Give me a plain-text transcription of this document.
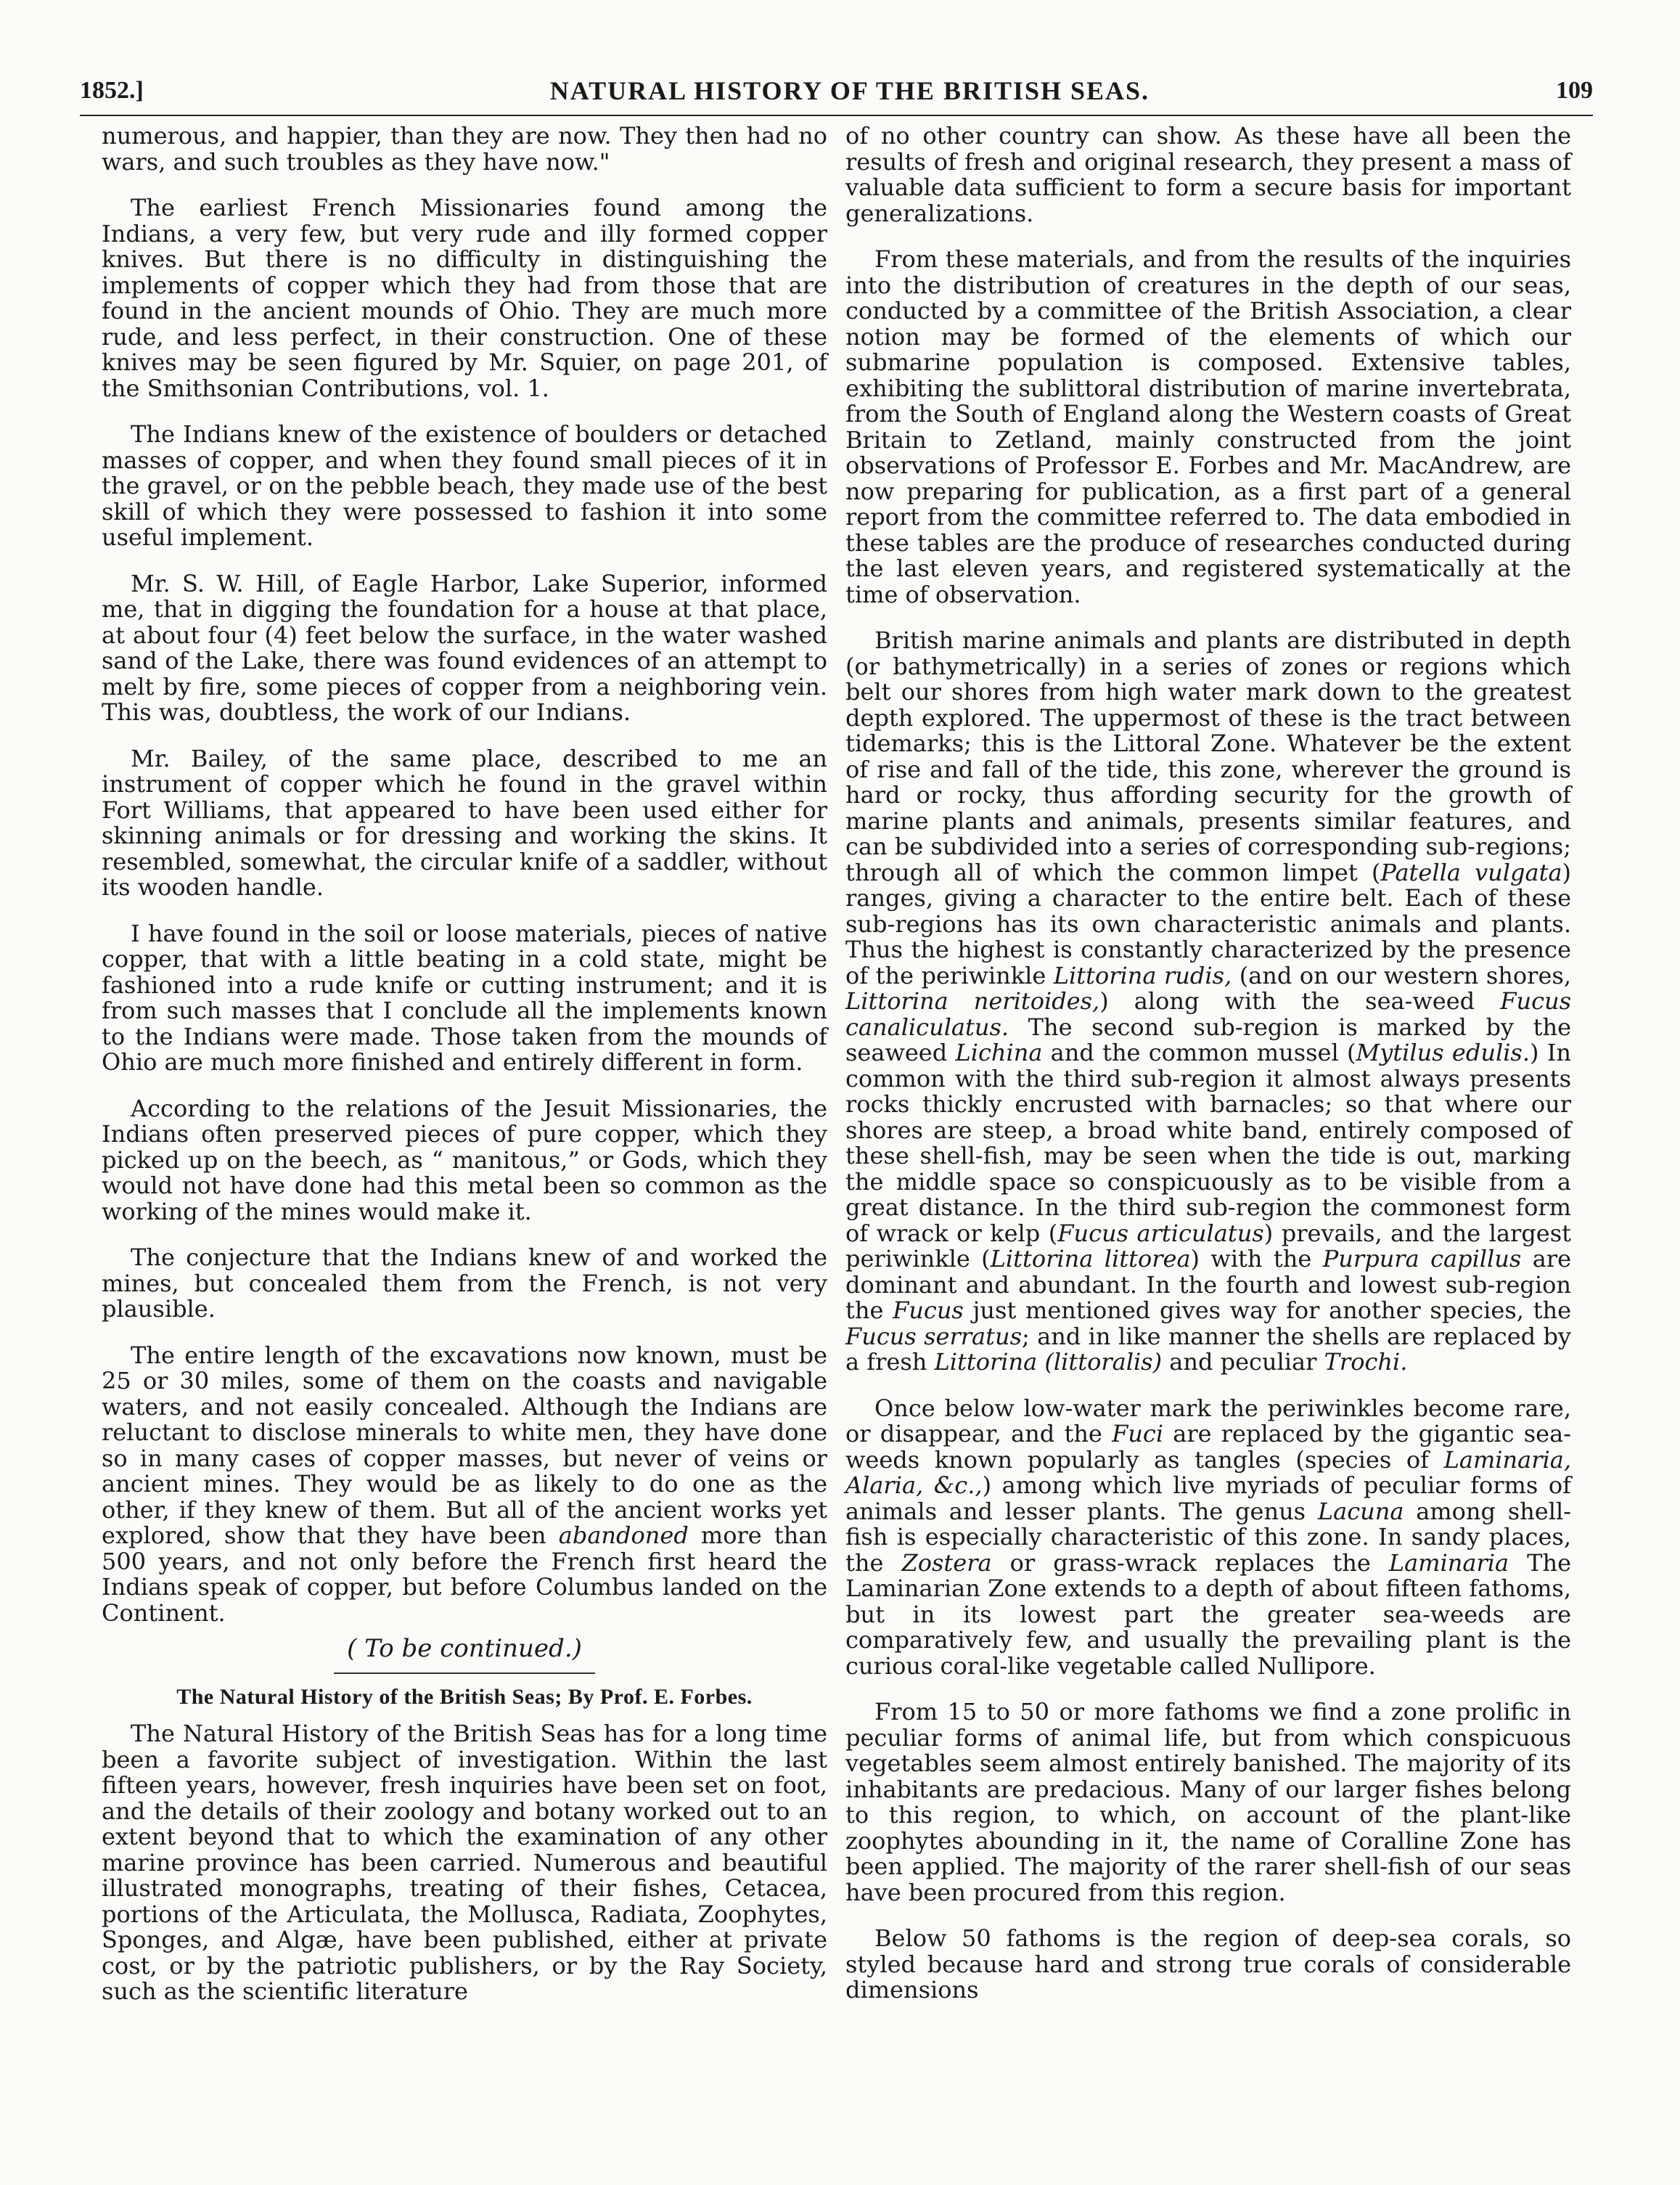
1852.]	NATURAL HISTORY OF THE BRITISH SEAS.	109

numerous, and happier, than they are now. They then had no wars, and such troubles as they have now."

The earliest French Missionaries found among the Indians, a very few, but very rude and illy formed copper knives. But there is no difficulty in distinguishing the implements of copper which they had from those that are found in the ancient mounds of Ohio. They are much more rude, and less perfect, in their construction. One of these knives may be seen figured by Mr. Squier, on page 201, of the Smithsonian Contributions, vol. 1.

The Indians knew of the existence of boulders or detached masses of copper, and when they found small pieces of it in the gravel, or on the pebble beach, they made use of the best skill of which they were possessed to fashion it into some useful implement.

Mr. S. W. Hill, of Eagle Harbor, Lake Superior, informed me, that in digging the foundation for a house at that place, at about four (4) feet below the surface, in the water washed sand of the Lake, there was found evidences of an attempt to melt by fire, some pieces of copper from a neighboring vein. This was, doubtless, the work of our Indians.

Mr. Bailey, of the same place, described to me an instrument of copper which he found in the gravel within Fort Williams, that appeared to have been used either for skinning animals or for dressing and working the skins. It resembled, somewhat, the circular knife of a saddler, without its wooden handle.

I have found in the soil or loose materials, pieces of native copper, that with a little beating in a cold state, might be fashioned into a rude knife or cutting instrument; and it is from such masses that I conclude all the implements known to the Indians were made. Those taken from the mounds of Ohio are much more finished and entirely different in form.

According to the relations of the Jesuit Missionaries, the Indians often preserved pieces of pure copper, which they picked up on the beech, as “ manitous,” or Gods, which they would not have done had this metal been so common as the working of the mines would make it.

The conjecture that the Indians knew of and worked the mines, but concealed them from the French, is not very plausible.

The entire length of the excavations now known, must be 25 or 30 miles, some of them on the coasts and navigable waters, and not easily concealed. Although the Indians are reluctant to disclose minerals to white men, they have done so in many cases of copper masses, but never of veins or ancient mines. They would be as likely to do one as the other, if they knew of them. But all of the ancient works yet explored, show that they have been abandoned more than 500 years, and not only before the French first heard the Indians speak of copper, but before Columbus landed on the Continent.

( To be continued.)
The Natural History of the British Seas; By Prof. E. Forbes.

The Natural History of the British Seas has for a long time been a favorite subject of investigation. Within the last fifteen years, however, fresh inquiries have been set on foot, and the details of their zoology and botany worked out to an extent beyond that to which the examination of any other marine province has been carried. Numerous and beautiful illustrated monographs, treating of their fishes, Cetacea, portions of the Articulata, the Mollusca, Radiata, Zoophytes, Sponges, and Algæ, have been published, either at private cost, or by the patriotic publishers, or by the Ray Society, such as the scientific literature

of no other country can show. As these have all been the results of fresh and original research, they present a mass of valuable data sufficient to form a secure basis for important generalizations.

From these materials, and from the results of the inquiries into the distribution of creatures in the depth of our seas, conducted by a committee of the British Association, a clear notion may be formed of the elements of which our submarine population is composed. Extensive tables, exhibiting the sublittoral distribution of marine invertebrata, from the South of England along the Western coasts of Great Britain to Zetland, mainly constructed from the joint observations of Professor E. Forbes and Mr. MacAndrew, are now preparing for publication, as a first part of a general report from the committee referred to. The data embodied in these tables are the produce of researches conducted during the last eleven years, and registered systematically at the time of observation.

British marine animals and plants are distributed in depth (or bathymetrically) in a series of zones or regions which belt our shores from high water mark down to the greatest depth explored. The uppermost of these is the tract between tidemarks; this is the Littoral Zone. Whatever be the extent of rise and fall of the tide, this zone, wherever the ground is hard or rocky, thus affording security for the growth of marine plants and animals, presents similar features, and can be subdivided into a series of corresponding sub-regions; through all of which the common limpet (Patella vulgata) ranges, giving a character to the entire belt. Each of these sub-regions has its own characteristic animals and plants. Thus the highest is constantly characterized by the presence of the periwinkle Littorina rudis, (and on our western shores, Littorina neritoides,) along with the sea-weed Fucus canaliculatus. The second sub-region is marked by the seaweed Lichina and the common mussel (Mytilus edulis.) In common with the third sub-region it almost always presents rocks thickly encrusted with barnacles; so that where our shores are steep, a broad white band, entirely composed of these shell-fish, may be seen when the tide is out, marking the middle space so conspicuously as to be visible from a great distance. In the third sub-region the commonest form of wrack or kelp (Fucus articulatus) prevails, and the largest periwinkle (Littorina littorea) with the Purpura capillus are dominant and abundant. In the fourth and lowest sub-region the Fucus just mentioned gives way for another species, the Fucus serratus; and in like manner the shells are replaced by a fresh Littorina (littoralis) and peculiar Trochi.

Once below low-water mark the periwinkles become rare, or disappear, and the Fuci are replaced by the gigantic sea-weeds known popularly as tangles (species of Laminaria, Alaria, &c.,) among which live myriads of peculiar forms of animals and lesser plants. The genus Lacuna among shell-fish is especially characteristic of this zone. In sandy places, the Zostera or grass-wrack replaces the Laminaria The Laminarian Zone extends to a depth of about fifteen fathoms, but in its lowest part the greater sea-weeds are comparatively few, and usually the prevailing plant is the curious coral-like vegetable called Nullipore.

From 15 to 50 or more fathoms we find a zone prolific in peculiar forms of animal life, but from which conspicuous vegetables seem almost entirely banished. The majority of its inhabitants are predacious. Many of our larger fishes belong to this region, to which, on account of the plant-like zoophytes abounding in it, the name of Coralline Zone has been applied. The majority of the rarer shell-fish of our seas have been procured from this region.

Below 50 fathoms is the region of deep-sea corals, so styled because hard and strong true corals of considerable dimensions
